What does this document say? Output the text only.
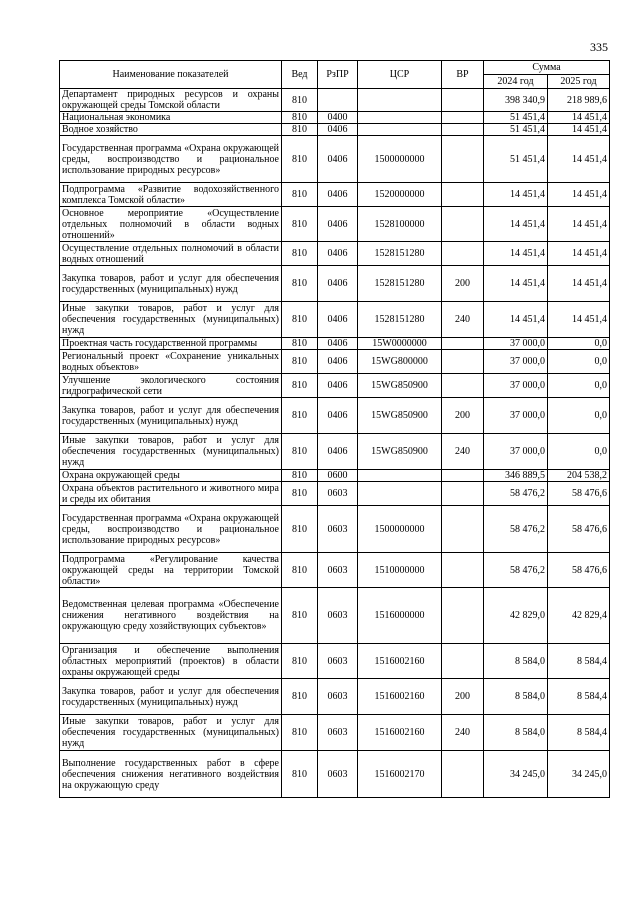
335
Наименование показателей	Вед	РзПР	ЦСР	ВР	Сумма	
					2024 год	2025 год
Департамент природных ресурсов и охраны окружающей среды Томской области	810				398 340,9	218 989,6
Национальная экономика	810	0400			51 451,4	14 451,4
Водное хозяйство	810	0406			51 451,4	14 451,4
Государственная программа «Охрана окружающей среды, воспроизводство и рациональное использование природных ресурсов»	810	0406	1500000000		51 451,4	14 451,4
Подпрограмма «Развитие водохозяйственного комплекса Томской области»	810	0406	1520000000		14 451,4	14 451,4
Основное мероприятие «Осуществление отдельных полномочий в области водных отношений»	810	0406	1528100000		14 451,4	14 451,4
Осуществление отдельных полномочий в области водных отношений	810	0406	1528151280		14 451,4	14 451,4
Закупка товаров, работ и услуг для обеспечения государственных (муниципальных) нужд	810	0406	1528151280	200	14 451,4	14 451,4
Иные закупки товаров, работ и услуг для обеспечения государственных (муниципальных) нужд	810	0406	1528151280	240	14 451,4	14 451,4
Проектная часть государственной программы	810	0406	15W0000000		37 000,0	0,0
Региональный проект «Сохранение уникальных водных объектов»	810	0406	15WG800000		37 000,0	0,0
Улучшение экологического состояния гидрографической сети	810	0406	15WG850900		37 000,0	0,0
Закупка товаров, работ и услуг для обеспечения государственных (муниципальных) нужд	810	0406	15WG850900	200	37 000,0	0,0
Иные закупки товаров, работ и услуг для обеспечения государственных (муниципальных) нужд	810	0406	15WG850900	240	37 000,0	0,0
Охрана окружающей среды	810	0600			346 889,5	204 538,2
Охрана объектов растительного и животного мира и среды их обитания	810	0603			58 476,2	58 476,6
Государственная программа «Охрана окружающей среды, воспроизводство и рациональное использование природных ресурсов»	810	0603	1500000000		58 476,2	58 476,6
Подпрограмма «Регулирование качества окружающей среды на территории Томской области»	810	0603	1510000000		58 476,2	58 476,6
Ведомственная целевая программа «Обеспечение снижения негативного воздействия на окружающую среду хозяйствующих субъектов»	810	0603	1516000000		42 829,0	42 829,4
Организация и обеспечение выполнения областных мероприятий (проектов) в области охраны окружающей среды	810	0603	1516002160		8 584,0	8 584,4
Закупка товаров, работ и услуг для обеспечения государственных (муниципальных) нужд	810	0603	1516002160	200	8 584,0	8 584,4
Иные закупки товаров, работ и услуг для обеспечения государственных (муниципальных) нужд	810	0603	1516002160	240	8 584,0	8 584,4
Выполнение государственных работ в сфере обеспечения снижения негативного воздействия на окружающую среду	810	0603	1516002170		34 245,0	34 245,0
